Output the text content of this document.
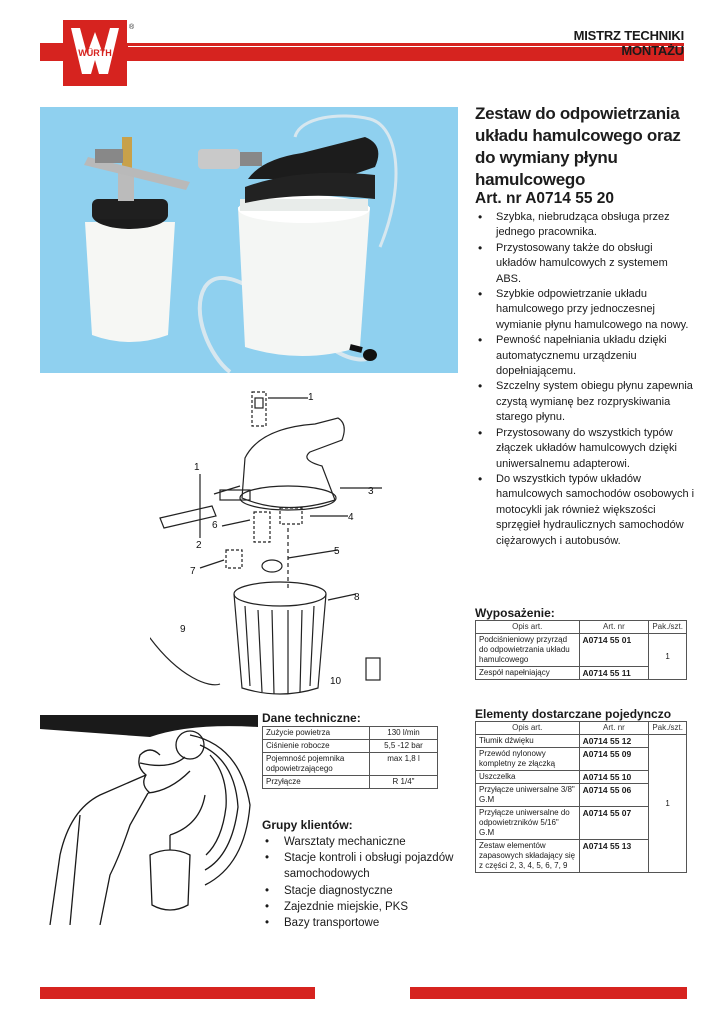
WÜRTH
®
MISTRZ TECHNIKI
MONTAŻU
1
1
2
3
4
5
6
7
8
9
10
Zestaw do odpowietrzania układu hamulcowego oraz do wymiany płynu hamulcowego
Art. nr A0714 55 20
• Szybka, niebrudząca obsługa przez jednego pracownika.
• Przystosowany także do obsługi układów hamulcowych z systemem ABS.
• Szybkie odpowietrzanie układu hamulcowego przy jednoczesnej wymianie płynu hamulcowego na nowy.
• Pewność napełniania układu dzięki automatycznemu urządzeniu dopełniającemu.
• Szczelny system obiegu płynu zapewnia czystą wymianę bez rozpryskiwania starego płynu.
• Przystosowany do wszystkich typów złączek układów hamulcowych dzięki uniwersalnemu adapterowi.
• Do wszystkich typów układów hamulcowych samochodów osobowych i motocykli jak również większości sprzęgieł hydraulicznych samochodów ciężarowych i autobusów.
Wyposażenie:
Opis art.	Art. nr	Pak./szt.
Podciśnieniowy przyrząd do odpowietrzania układu hamulcowego	A0714 55 01	1
Zespół napełniający	A0714 55 11	
Elementy dostarczane pojedynczo
Opis art.	Art. nr	Pak./szt.
Tłumik dźwięku	A0714 55 12	1
Przewód nylonowy kompletny ze złączką	A0714 55 09	
Uszczelka	A0714 55 10	
Przyłącze uniwersalne 3/8" G.M	A0714 55 06	
Przyłącze uniwersalne do odpowietrzników 5/16" G.M	A0714 55 07	
Zestaw elementów zapasowych składający się z części 2, 3, 4, 5, 6, 7, 9	A0714 55 13	
Dane techniczne:
Zużycie powietrza	130 l/min
Ciśnienie robocze	5,5 -12 bar
Pojemność pojemnika odpowietrzającego	max 1,8 l
Przyłącze	R 1/4"
Grupy klientów:
• Warsztaty mechaniczne
• Stacje kontroli i obsługi pojazdów samochodowych
• Stacje diagnostyczne
• Zajezdnie miejskie, PKS
• Bazy transportowe
